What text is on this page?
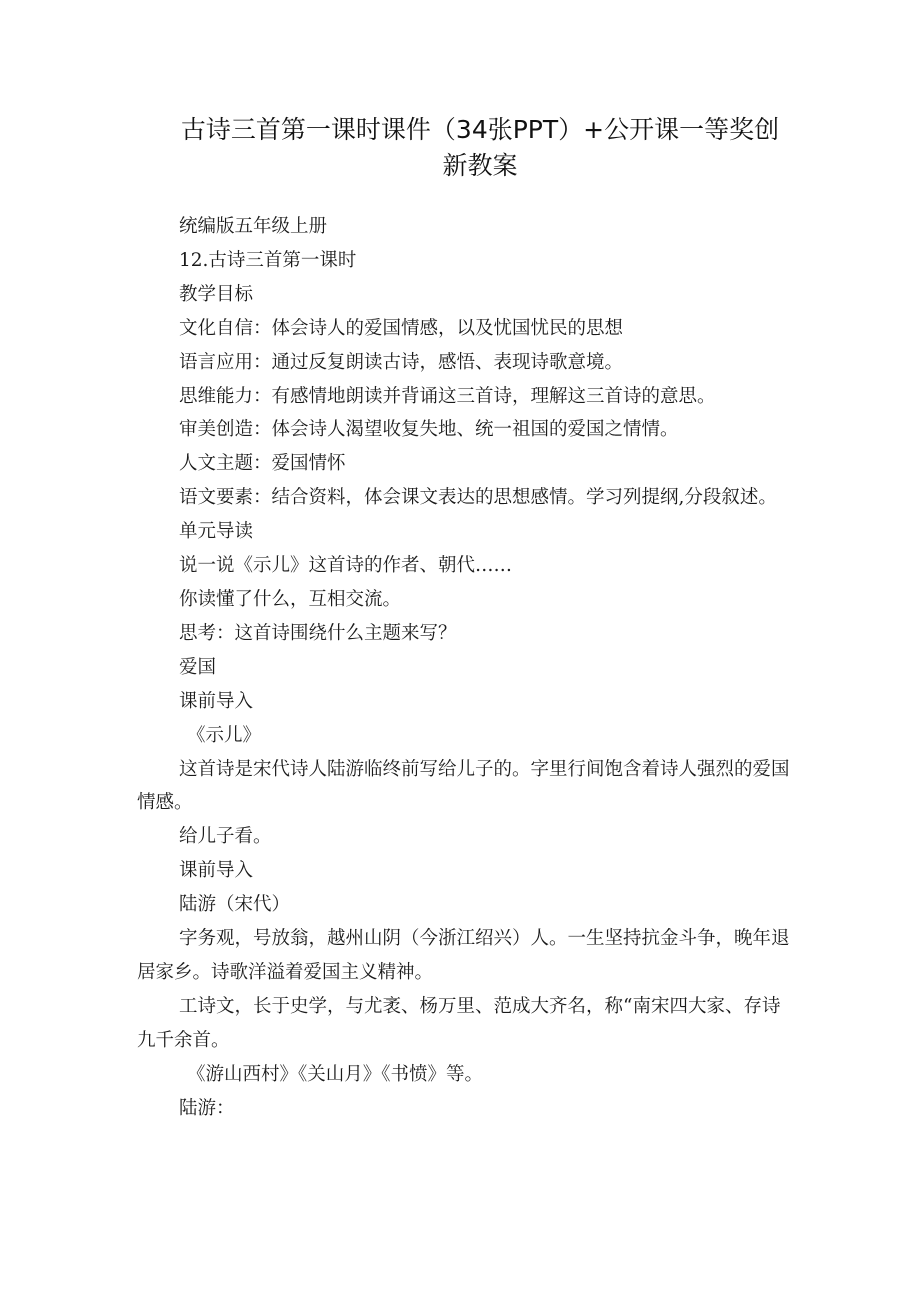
古诗三首第一课时课件（34张PPT）+公开课一等奖创
新教案

统编版五年级上册

12.古诗三首第一课时

教学目标

文化自信：体会诗人的爱国情感，以及忧国忧民的思想

语言应用：通过反复朗读古诗，感悟、表现诗歌意境。

思维能力：有感情地朗读并背诵这三首诗，理解这三首诗的意思。

审美创造：体会诗人渴望收复失地、统一祖国的爱国之情情。

人文主题：爱国情怀

语文要素：结合资料，体会课文表达的思想感情。学习列提纲,分段叙述。

单元导读

说一说《示儿》这首诗的作者、朝代……

你读懂了什么，互相交流。

思考：这首诗围绕什么主题来写？

爱国

课前导入

《示儿》

这首诗是宋代诗人陆游临终前写给儿子的。字里行间饱含着诗人强烈的爱国情感。

给儿子看。

课前导入

陆游（宋代）

字务观，号放翁，越州山阴（今浙江绍兴）人。一生坚持抗金斗争，晚年退居家乡。诗歌洋溢着爱国主义精神。

工诗文，长于史学，与尤袤、杨万里、范成大齐名，称“南宋四大家、存诗九千余首。

《游山西村》《关山月》《书愤》等。

陆游：
